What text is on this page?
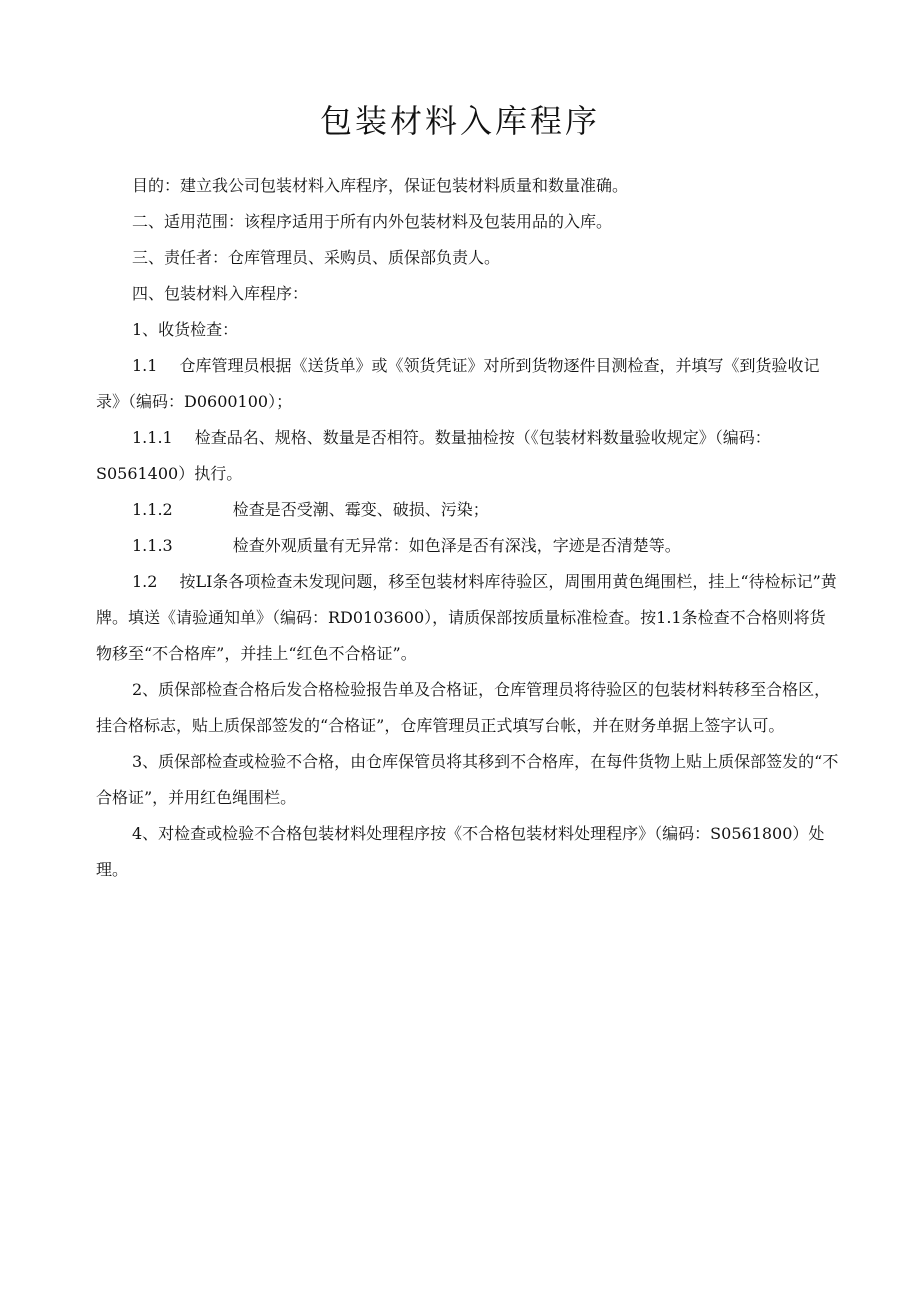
包装材料入库程序

目的：建立我公司包装材料入库程序，保证包装材料质量和数量准确。

二、适用范围：该程序适用于所有内外包装材料及包装用品的入库。

三、责任者：仓库管理员、采购员、质保部负责人。

四、包装材料入库程序：

1、收货检查：

1.1 仓库管理员根据《送货单》或《领货凭证》对所到货物逐件目测检查，并填写《到货验收记录》（编码：D0600100）；

1.1.1 检查品名、规格、数量是否相符。数量抽检按（《包装材料数量验收规定》（编码：S0561400）执行。

1.1.2	检查是否受潮、霉变、破损、污染；

1.1.3	检查外观质量有无异常：如色泽是否有深浅，字迹是否清楚等。

1.2 按LI条各项检查未发现问题，移至包装材料库待验区，周围用黄色绳围栏，挂上“待检标记”黄牌。填送《请验通知单》（编码：RD0103600），请质保部按质量标准检查。按1.1条检查不合格则将货物移至“不合格库”，并挂上“红色不合格证”。

2、质保部检查合格后发合格检验报告单及合格证，仓库管理员将待验区的包装材料转移至合格区，挂合格标志，贴上质保部签发的“合格证”，仓库管理员正式填写台帐，并在财务单据上签字认可。

3、质保部检查或检验不合格，由仓库保管员将其移到不合格库，在每件货物上贴上质保部签发的“不合格证”，并用红色绳围栏。

4、对检查或检验不合格包装材料处理程序按《不合格包装材料处理程序》（编码：S0561800）处理。
